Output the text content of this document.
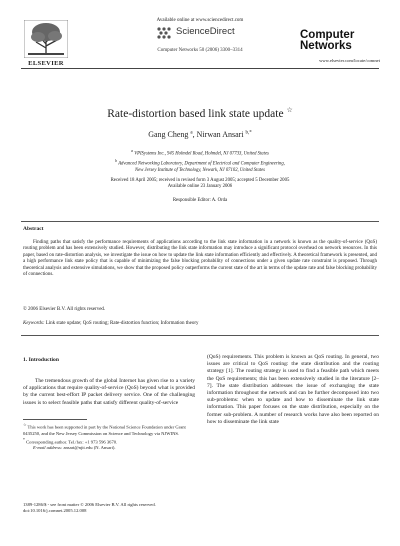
ELSEVIER
Available online at www.sciencedirect.com
ScienceDirect
Computer Networks 50 (2006) 3300–3314
Computer
Networks
www.elsevier.com/locate/comnet
Rate-distortion based link state update ☆
Gang Cheng $^a$, Nirwan Ansari $^{b,*}$
$^a$ VPISystems Inc., 945 Holmdel Road, Holmdel, NJ 07733, United States
$^b$ Advanced Networking Laboratory, Department of Electrical and Computer Engineering,
New Jersey Institute of Technology, Newark, NJ 07102, United States
Received 18 April 2005; received in revised form 3 August 2005; accepted 5 December 2005
Available online 23 January 2006
Responsible Editor: A. Orda
Abstract
Finding paths that satisfy the performance requirements of applications according to the link state information in a network is known as the quality-of-service (QoS) routing problem and has been extensively studied. However, distributing the link state information may introduce a significant protocol overhead on network resources. In this paper, based on rate-distortion analysis, we investigate the issue on how to update the link state information efficiently and effectively. A theoretical framework is presented, and a high performance link state policy that is capable of minimizing the false blocking probability of connections under a given update rate constraint is proposed. Through theoretical analysis and extensive simulations, we show that the proposed policy outperforms the current state of the art in terms of the update rate and false blocking probability of connections.
© 2006 Elsevier B.V. All rights reserved.
Keywords: Link state update; QoS routing; Rate-distortion function; Information theory
1. Introduction
The tremendous growth of the global Internet has given rise to a variety of applications that require quality-of-service (QoS) beyond what is provided by the current best-effort IP packet delivery service. One of the challenging issues is to select feasible paths that satisfy different quality-of-service
(QoS) requirements. This problem is known as QoS routing. In general, two issues are critical to QoS routing: the state distribution and the routing strategy [1]. The routing strategy is used to find a feasible path which meets the QoS requirements; this has been extensively studied in the literature [2–7]. The state distribution addresses the issue of exchanging the state information throughout the network and can be further decomposed into two sub-problems: when to update and how to disseminate the link state information. This paper focuses on the state distribution, especially on the former sub-problem. A number of research works have also been reported on how to disseminate the link state
☆ This work has been supported in part by the National Science Foundation under Grant 0435250, and the New Jersey Commission on Science and Technology via NJWINS.
* Corresponding author. Tel./fax: +1 973 596 3670.
E-mail address: ansari@njit.edu (N. Ansari).
1389-1286/$ - see front matter © 2006 Elsevier B.V. All rights reserved.
doi:10.1016/j.comnet.2005.12.008
